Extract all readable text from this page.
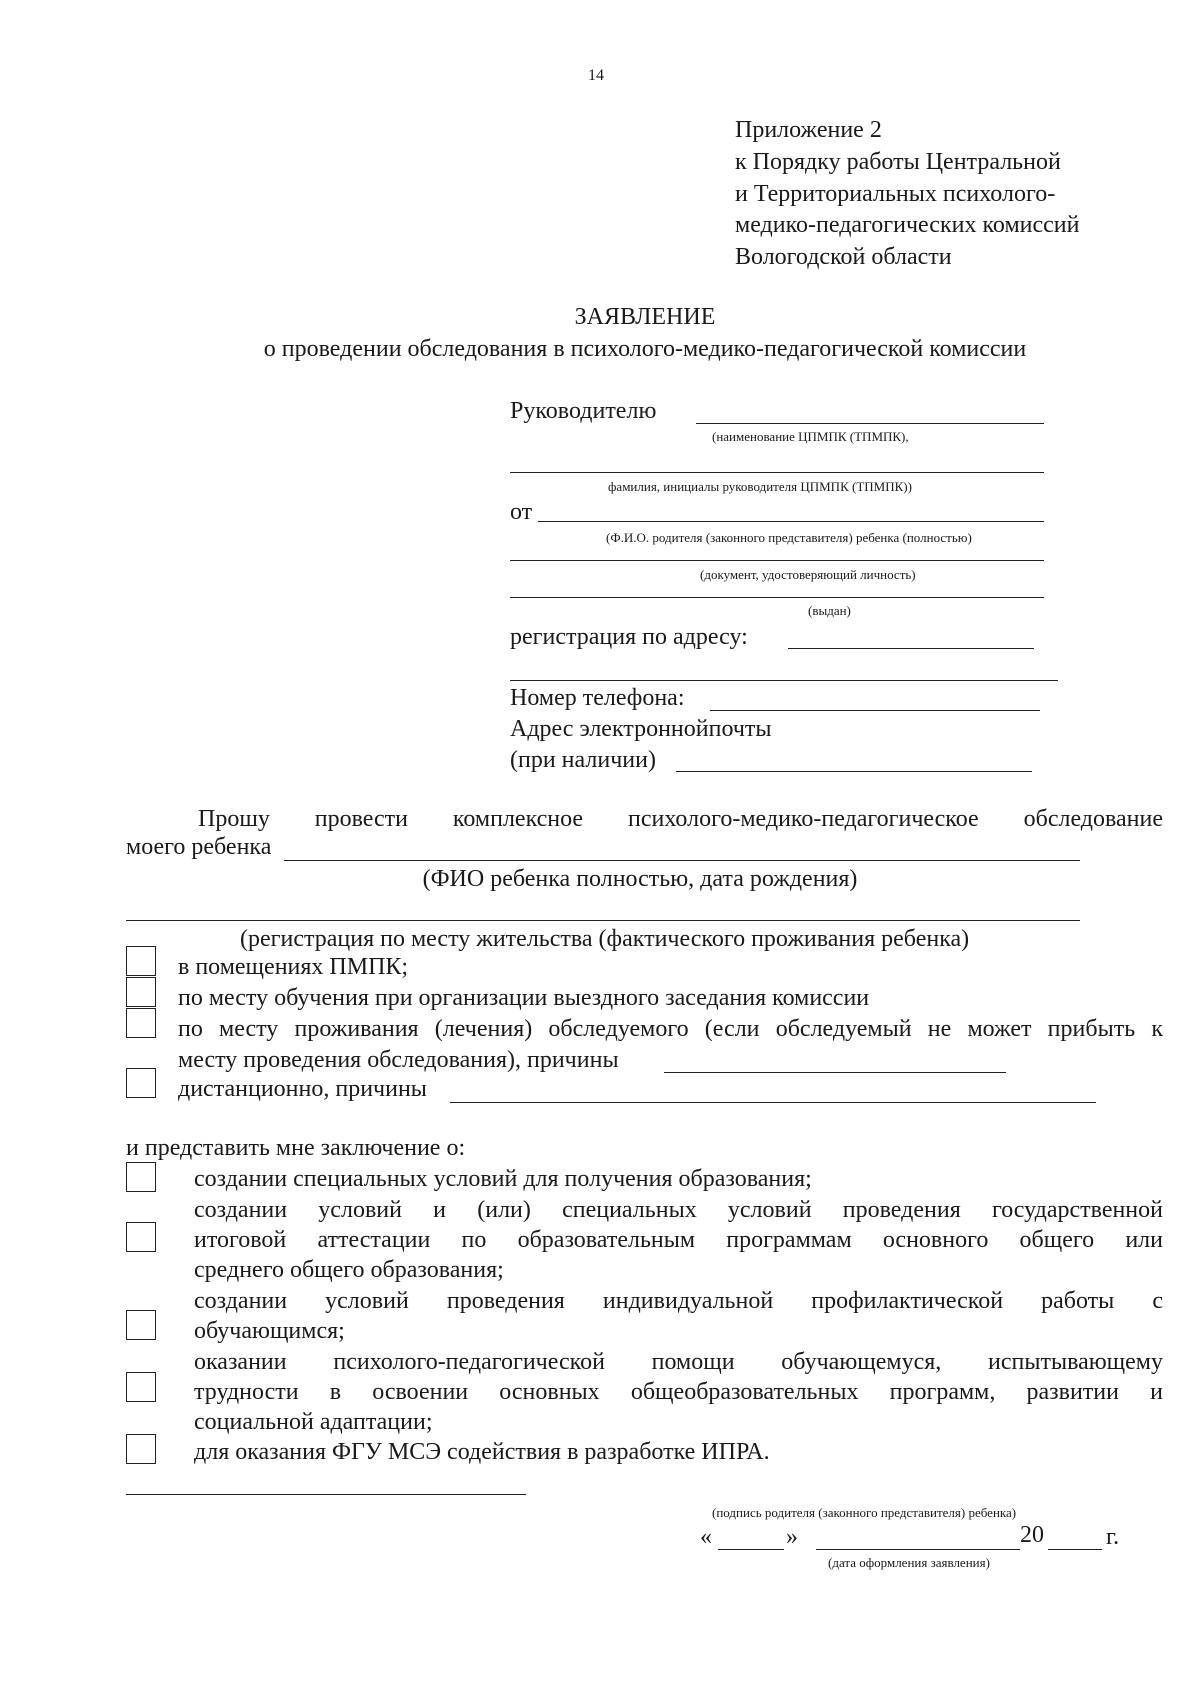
14
Приложение 2
к Порядку работы Центральной
и Территориальных психолого-
медико-педагогических комиссий
Вологодской области
ЗАЯВЛЕНИЕ
о проведении обследования в психолого-медико-педагогической комиссии
Руководителю
(наименование ЦПМПК (ТПМПК),
фамилия, инициалы руководителя ЦПМПК (ТПМПК))
от
(Ф.И.О. родителя (законного представителя) ребенка (полностью)
(документ, удостоверяющий личность)
(выдан)
регистрация по адресу:
Номер телефона:
Адрес электроннойпочты
(при наличии)
Прошу провести комплексное психолого-медико-педагогическое обследование
моего ребенка
(ФИО ребенка полностью, дата рождения)
(регистрация по месту жительства (фактического проживания ребенка)
в помещениях ПМПК;
по месту обучения при организации выездного заседания комиссии
по месту проживания (лечения) обследуемого (если обследуемый не может прибыть к
месту проведения обследования), причины
дистанционно, причины
и представить мне заключение о:
создании специальных условий для получения образования;
создании условий и (или) специальных условий проведения государственной
итоговой аттестации по образовательным программам основного общего или
среднего общего образования;
создании условий проведения индивидуальной профилактической работы с
обучающимся;
оказании психолого-педагогической помощи обучающемуся, испытывающему
трудности в освоении основных общеобразовательных программ, развитии и
социальной адаптации;
для оказания ФГУ МСЭ содействия в разработке ИПРА.
(подпись родителя (законного представителя) ребенка)
«	»	20	г.
(дата оформления заявления)
